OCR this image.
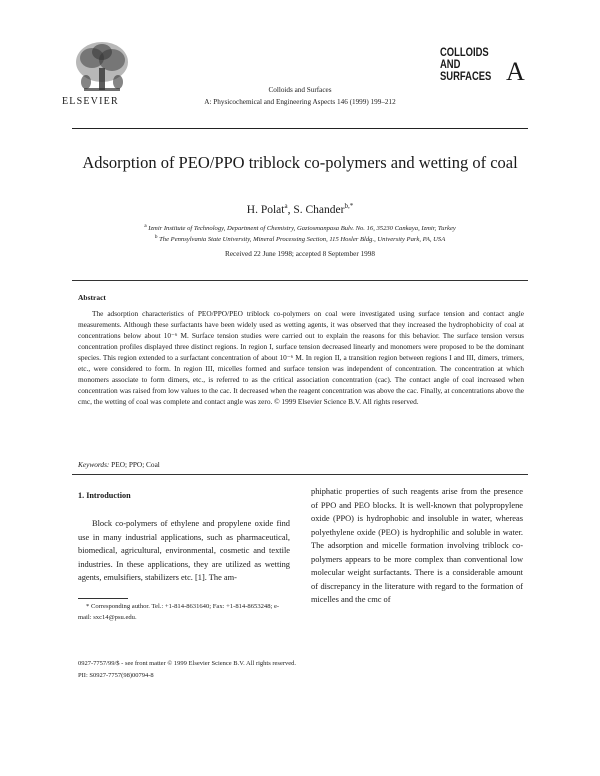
ELSEVIER
Colloids and Surfaces
A: Physicochemical and Engineering Aspects 146 (1999) 199–212
COLLOIDS
AND
SURFACES A
Adsorption of PEO/PPO triblock co-polymers and wetting of coal
H. Polat$^a$, S. Chander$^{b,*}$
$^a$ Izmir Institute of Technology, Department of Chemistry, Gaziosmanpasa Bulv. No. 16, 35230 Cankaya, Izmir, Turkey
$^b$ The Pennsylvania State University, Mineral Processing Section, 115 Hosler Bldg., University Park, PA, USA
Received 22 June 1998; accepted 8 September 1998
Abstract
The adsorption characteristics of PEO/PPO/PEO triblock co-polymers on coal were investigated using surface tension and contact angle measurements. Although these surfactants have been widely used as wetting agents, it was observed that they increased the hydrophobicity of coal at concentrations below about 10⁻⁶ M. Surface tension studies were carried out to explain the reasons for this behavior. The surface tension versus concentration profiles displayed three distinct regions. In region I, surface tension decreased linearly and monomers were proposed to be the dominant species. This region extended to a surfactant concentration of about 10⁻⁶ M. In region II, a transition region between regions I and III, dimers, trimers, etc., were considered to form. In region III, micelles formed and surface tension was independent of concentration. The concentration at which monomers associate to form dimers, etc., is referred to as the critical association concentration (cac). The contact angle of coal increased when concentration was raised from low values to the cac. It decreased when the reagent concentration was above the cac. Finally, at concentrations above the cmc, the wetting of coal was complete and contact angle was zero. © 1999 Elsevier Science B.V. All rights reserved.
Keywords: PEO; PPO; Coal
1. Introduction
Block co-polymers of ethylene and propylene oxide find use in many industrial applications, such as pharmaceutical, biomedical, agricultural, environmental, cosmetic and textile industries. In these applications, they are utilized as wetting agents, emulsifiers, stabilizers etc. [1]. The am-
phiphatic properties of such reagents arise from the presence of PPO and PEO blocks. It is well-known that polypropylene oxide (PPO) is hydrophobic and insoluble in water, whereas polyethylene oxide (PEO) is hydrophilic and soluble in water. The adsorption and micelle formation involving triblock co-polymers appears to be more complex than conventional low molecular weight surfactants. There is a considerable amount of discrepancy in the literature with regard to the formation of micelles and the cmc of
* Corresponding author. Tel.: +1-814-8631640; Fax: +1-814-8653248; e-mail: sxc14@psu.edu.
0927-7757/99/$ - see front matter © 1999 Elsevier Science B.V. All rights reserved.
PII: S0927-7757(98)00794-8
